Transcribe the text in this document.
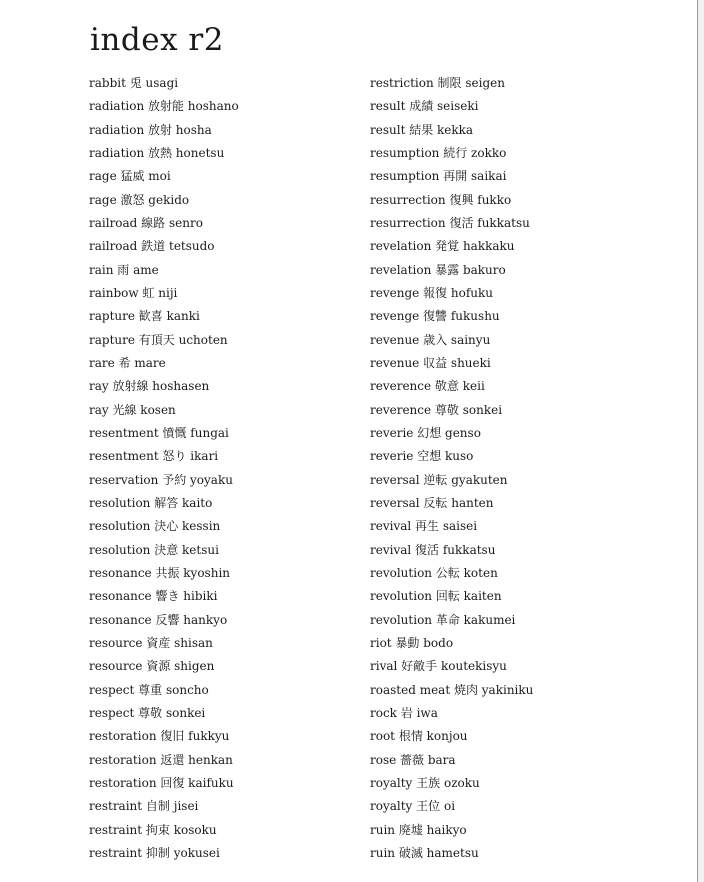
index r2
rabbit 兎 usagi
radiation 放射能 hoshano
radiation 放射 hosha
radiation 放熱 honetsu
rage 猛威 moi
rage 激怒 gekido
railroad 線路 senro
railroad 鉄道 tetsudo
rain 雨 ame
rainbow 虹 niji
rapture 歓喜 kanki
rapture 有頂天 uchoten
rare 希 mare
ray 放射線 hoshasen
ray 光線 kosen
resentment 憤慨 fungai
resentment 怒り ikari
reservation 予約 yoyaku
resolution 解答 kaito
resolution 決心 kessin
resolution 決意 ketsui
resonance 共振 kyoshin
resonance 響き hibiki
resonance 反響 hankyo
resource 資産 shisan
resource 資源 shigen
respect 尊重 soncho
respect 尊敬 sonkei
restoration 復旧 fukkyu
restoration 返還 henkan
restoration 回復 kaifuku
restraint 自制 jisei
restraint 拘束 kosoku
restraint 抑制 yokusei
restriction 制限 seigen
result 成績 seiseki
result 結果 kekka
resumption 続行 zokko
resumption 再開 saikai
resurrection 復興 fukko
resurrection 復活 fukkatsu
revelation 発覚 hakkaku
revelation 暴露 bakuro
revenge 報復 hofuku
revenge 復讐 fukushu
revenue 歳入 sainyu
revenue 収益 shueki
reverence 敬意 keii
reverence 尊敬 sonkei
reverie 幻想 genso
reverie 空想 kuso
reversal 逆転 gyakuten
reversal 反転 hanten
revival 再生 saisei
revival 復活 fukkatsu
revolution 公転 koten
revolution 回転 kaiten
revolution 革命 kakumei
riot 暴動 bodo
rival 好敵手 koutekisyu
roasted meat 焼肉 yakiniku
rock 岩 iwa
root 根情 konjou
rose 薔薇 bara
royalty 王族 ozoku
royalty 王位 oi
ruin 廃墟 haikyo
ruin 破滅 hametsu
